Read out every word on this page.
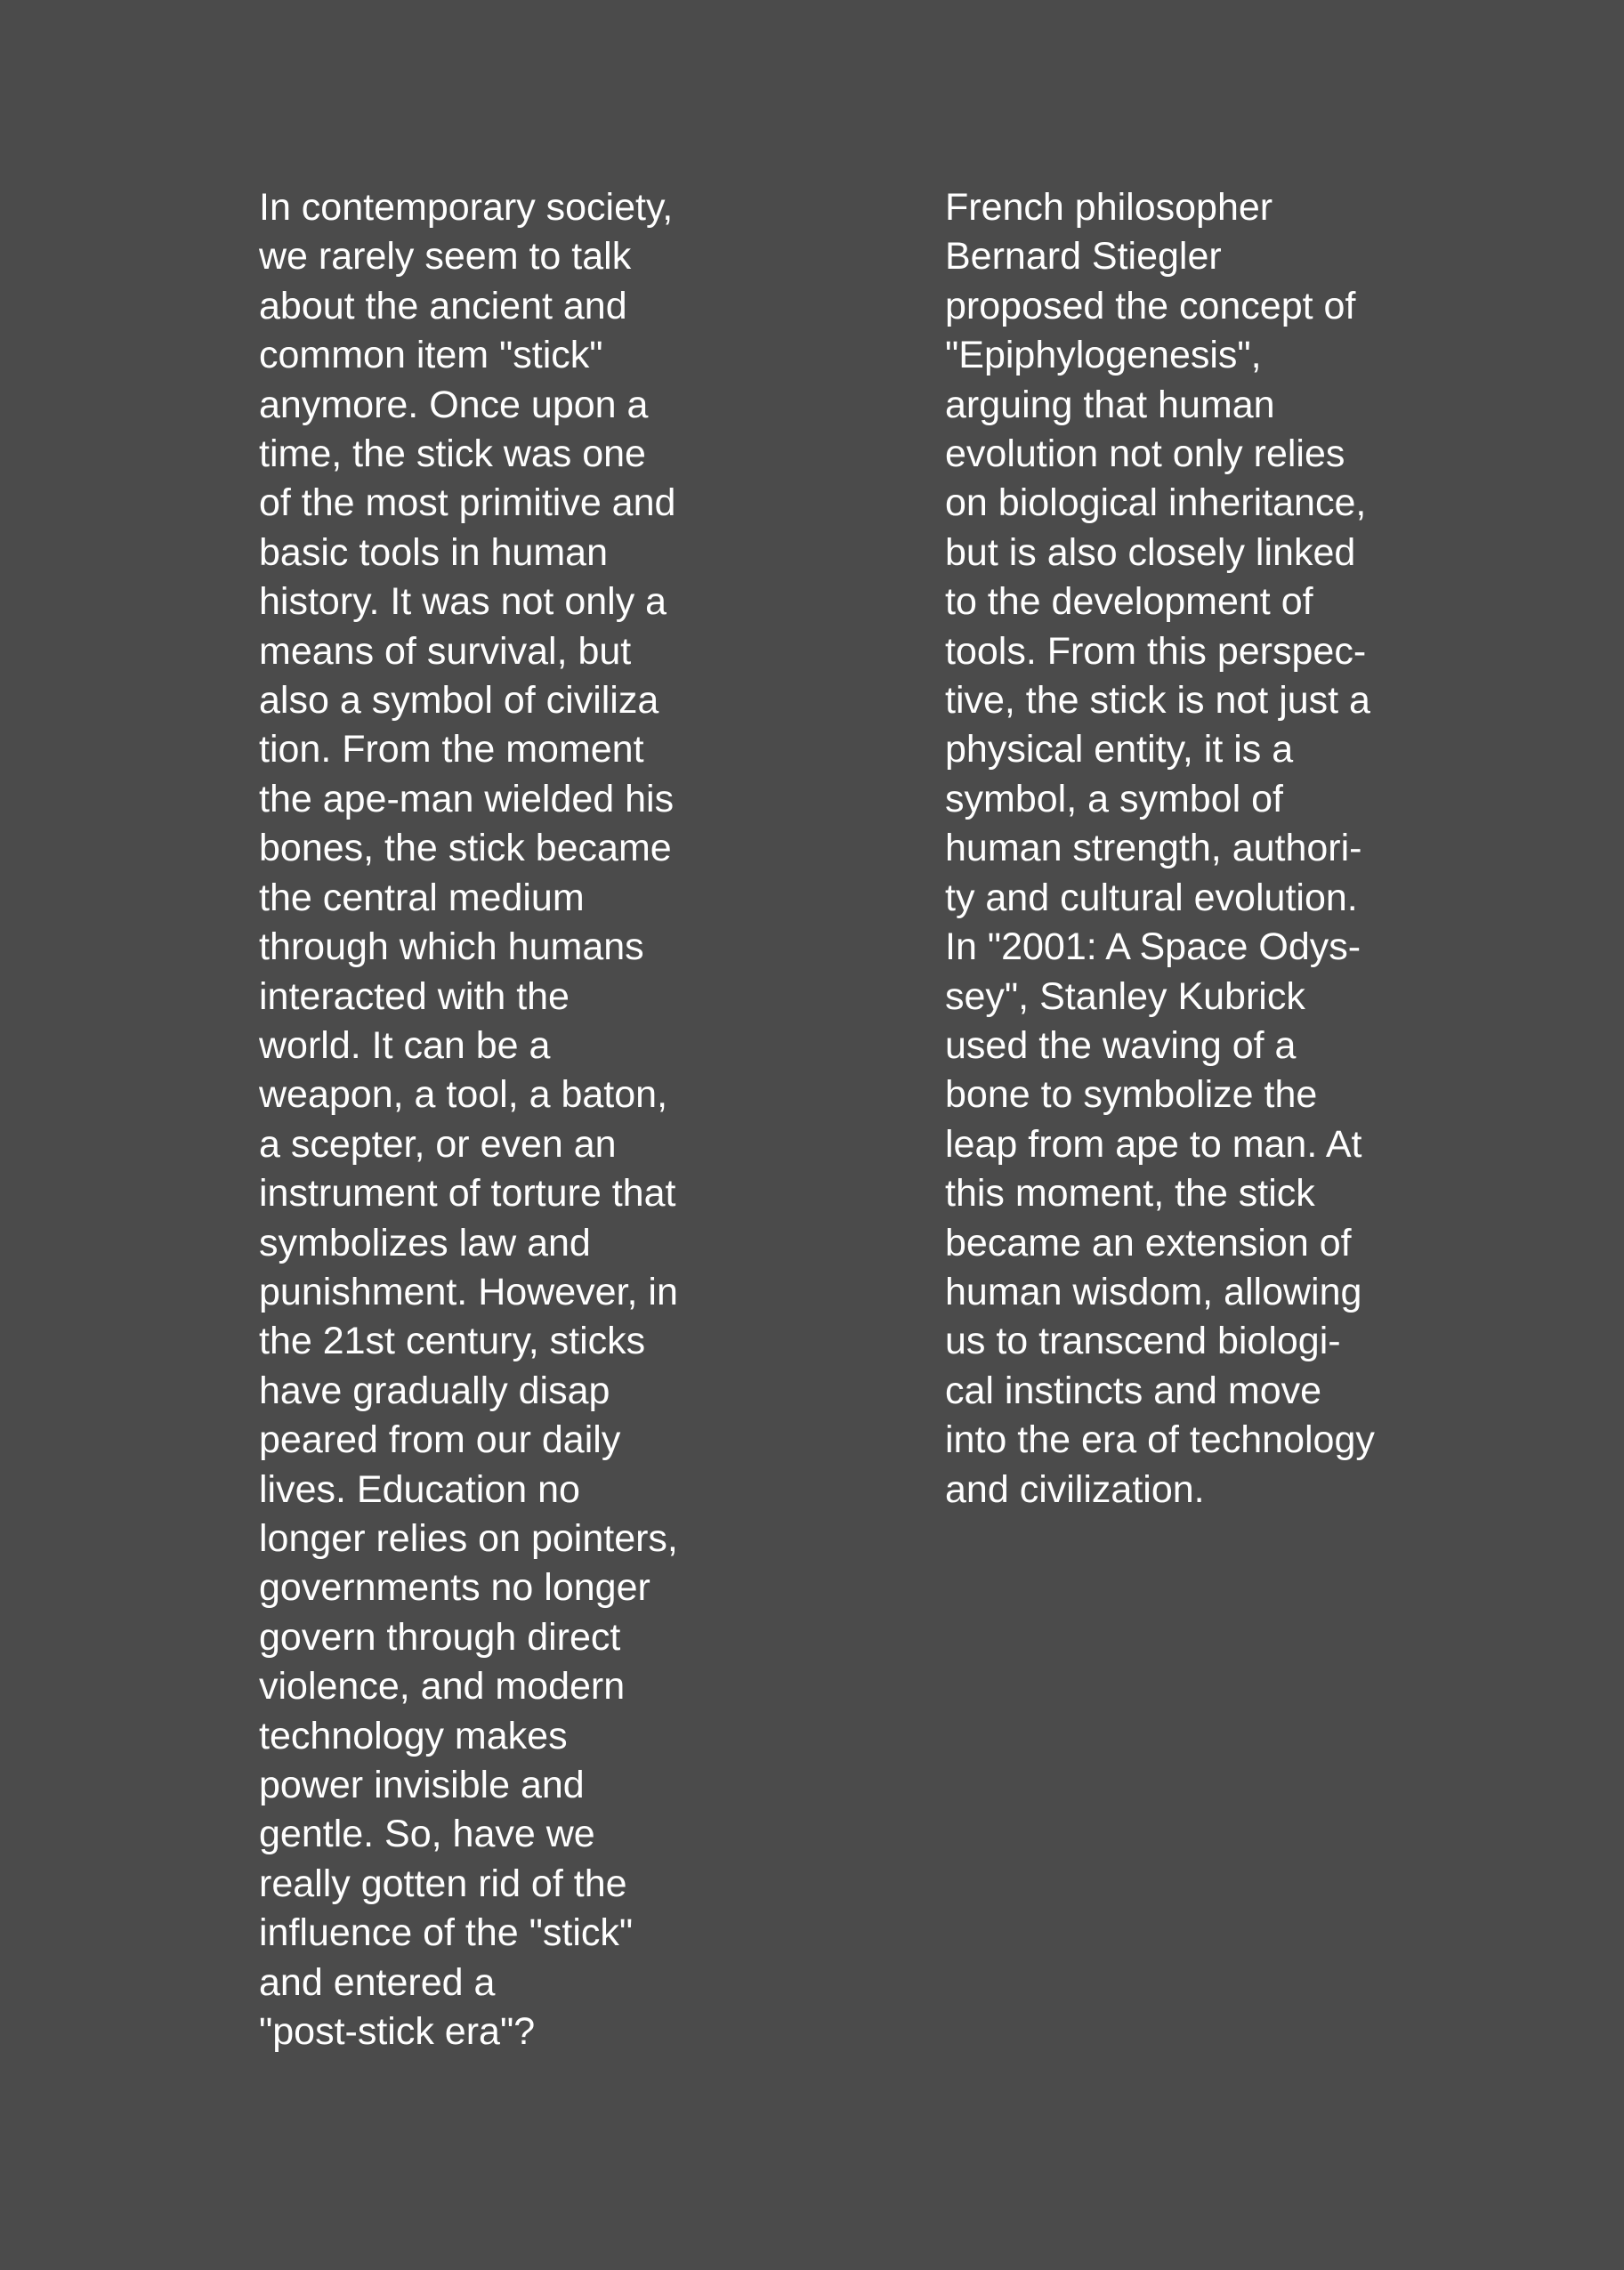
In contemporary society,
we rarely seem to talk
about the ancient and
common item "stick"
anymore. Once upon a
time, the stick was one
of the most primitive and
basic tools in human
history. It was not only a
means of survival, but
also a symbol of civiliza
tion. From the moment
the ape-man wielded his
bones, the stick became
the central medium
through which humans
interacted with the
world. It can be a
weapon, a tool, a baton,
a scepter, or even an
instrument of torture that
symbolizes law and
punishment. However, in
the 21st century, sticks
have gradually disap
peared from our daily
lives. Education no
longer relies on pointers,
governments no longer
govern through direct
violence, and modern
technology makes
power invisible and
gentle. So, have we
really gotten rid of the
influence of the "stick"
and entered a
"post-stick era"?

French philosopher
Bernard Stiegler
proposed the concept of
"Epiphylogenesis",
arguing that human
evolution not only relies
on biological inheritance,
but is also closely linked
to the development of
tools. From this perspec-
tive, the stick is not just a
physical entity, it is a
symbol, a symbol of
human strength, authori-
ty and cultural evolution.
In "2001: A Space Odys-
sey", Stanley Kubrick
used the waving of a
bone to symbolize the
leap from ape to man. At
this moment, the stick
became an extension of
human wisdom, allowing
us to transcend biologi-
cal instincts and move
into the era of technology
and civilization.
